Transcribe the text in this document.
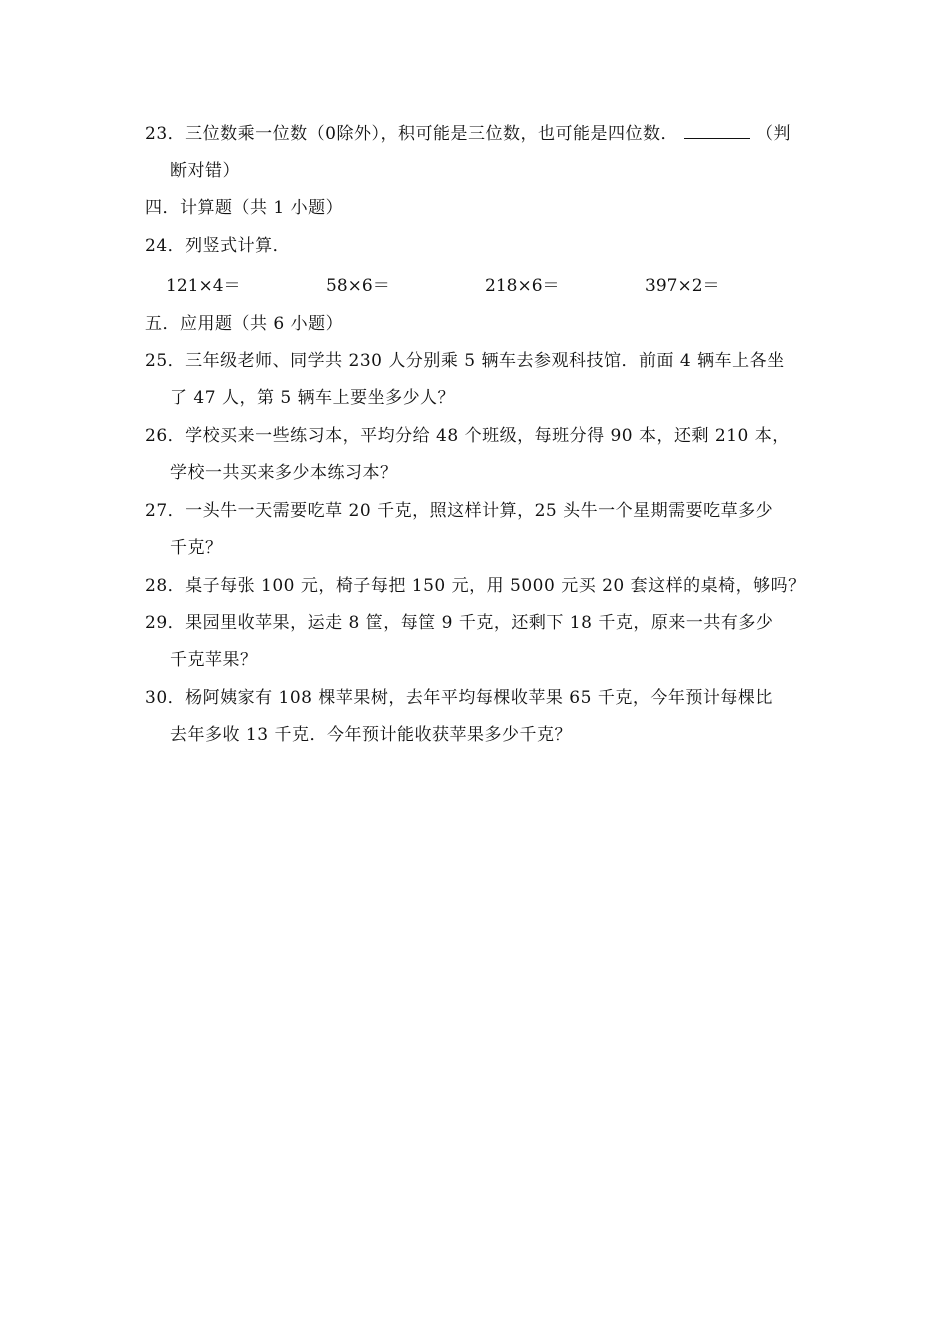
23．三位数乘一位数（0除外），积可能是三位数，也可能是四位数．	（判
断对错）
四．计算题（共 1 小题）
24．列竖式计算．
121×4＝	58×6＝	218×6＝	397×2＝
五．应用题（共 6 小题）
25．三年级老师、同学共 230 人分别乘 5 辆车去参观科技馆．前面 4 辆车上各坐
了 47 人，第 5 辆车上要坐多少人？
26．学校买来一些练习本，平均分给 48 个班级，每班分得 90 本，还剩 210 本，
学校一共买来多少本练习本？
27．一头牛一天需要吃草 20 千克，照这样计算，25 头牛一个星期需要吃草多少
千克？
28．桌子每张 100 元，椅子每把 150 元，用 5000 元买 20 套这样的桌椅，够吗？
29．果园里收苹果，运走 8 筐，每筐 9 千克，还剩下 18 千克，原来一共有多少
千克苹果？
30．杨阿姨家有 108 棵苹果树，去年平均每棵收苹果 65 千克，今年预计每棵比
去年多收 13 千克．今年预计能收获苹果多少千克？
